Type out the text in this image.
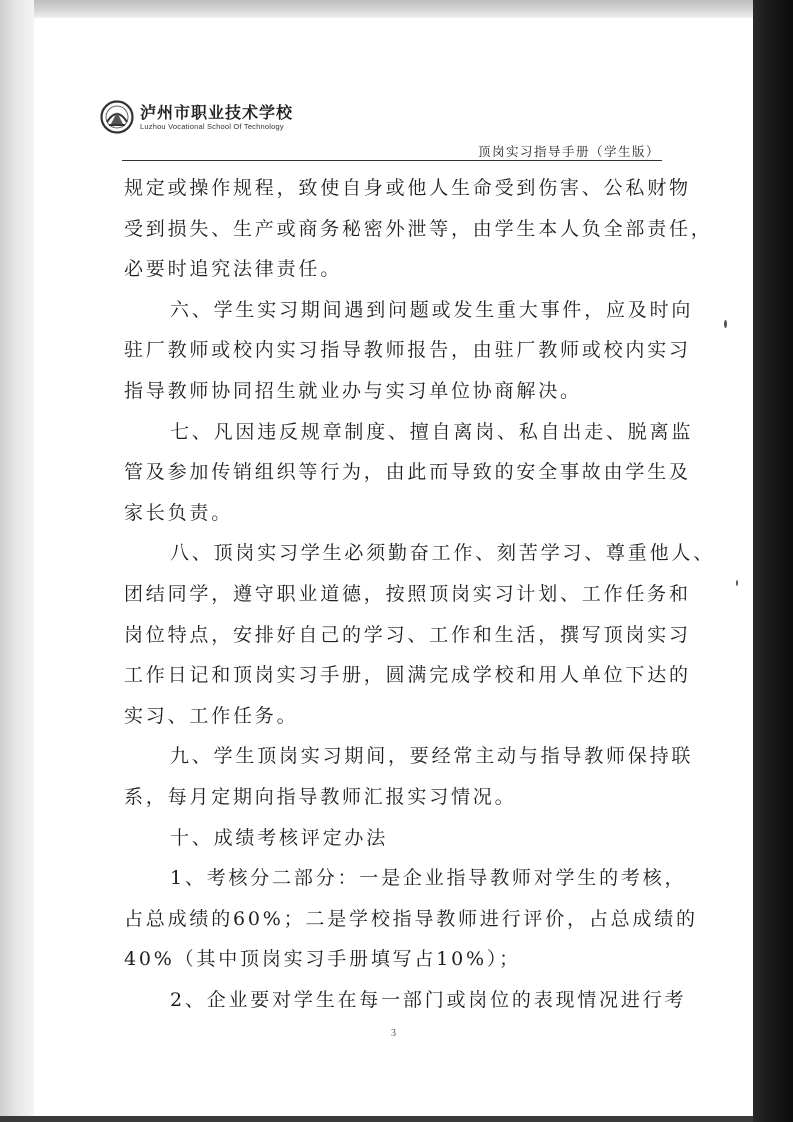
泸州市职业技术学校
Luzhou Vocational School Of Technology
顶岗实习指导手册（学生版）
规定或操作规程，致使自身或他人生命受到伤害、公私财物
受到损失、生产或商务秘密外泄等，由学生本人负全部责任，
必要时追究法律责任。
六、学生实习期间遇到问题或发生重大事件，应及时向
驻厂教师或校内实习指导教师报告，由驻厂教师或校内实习
指导教师协同招生就业办与实习单位协商解决。
七、凡因违反规章制度、擅自离岗、私自出走、脱离监
管及参加传销组织等行为，由此而导致的安全事故由学生及
家长负责。
八、顶岗实习学生必须勤奋工作、刻苦学习、尊重他人、
团结同学，遵守职业道德，按照顶岗实习计划、工作任务和
岗位特点，安排好自己的学习、工作和生活，撰写顶岗实习
工作日记和顶岗实习手册，圆满完成学校和用人单位下达的
实习、工作任务。
九、学生顶岗实习期间，要经常主动与指导教师保持联
系，每月定期向指导教师汇报实习情况。
十、成绩考核评定办法
1、考核分二部分：一是企业指导教师对学生的考核，
占总成绩的60%；二是学校指导教师进行评价，占总成绩的
40%（其中顶岗实习手册填写占10%）；
2、企业要对学生在每一部门或岗位的表现情况进行考
3
